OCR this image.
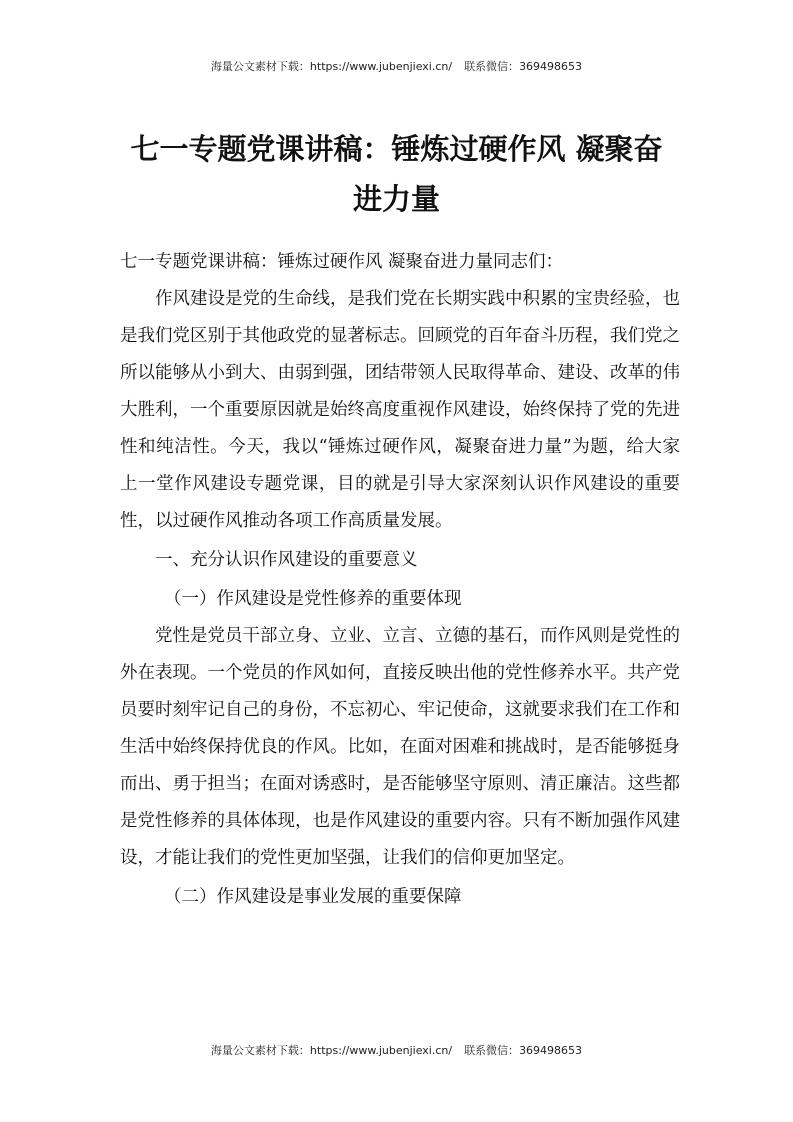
海量公文素材下载：https://www.jubenjiexi.cn/ 联系微信：369498653
七一专题党课讲稿：锤炼过硬作风 凝聚奋
进力量

七一专题党课讲稿：锤炼过硬作风 凝聚奋进力量同志们：

作风建设是党的生命线，是我们党在长期实践中积累的宝贵经验，也是我们党区别于其他政党的显著标志。回顾党的百年奋斗历程，我们党之所以能够从小到大、由弱到强，团结带领人民取得革命、建设、改革的伟大胜利，一个重要原因就是始终高度重视作风建设，始终保持了党的先进性和纯洁性。今天，我以“锤炼过硬作风，凝聚奋进力量”为题，给大家上一堂作风建设专题党课，目的就是引导大家深刻认识作风建设的重要性，以过硬作风推动各项工作高质量发展。

一、充分认识作风建设的重要意义

（一）作风建设是党性修养的重要体现

党性是党员干部立身、立业、立言、立德的基石，而作风则是党性的外在表现。一个党员的作风如何，直接反映出他的党性修养水平。共产党员要时刻牢记自己的身份，不忘初心、牢记使命，这就要求我们在工作和生活中始终保持优良的作风。比如，在面对困难和挑战时，是否能够挺身而出、勇于担当；在面对诱惑时，是否能够坚守原则、清正廉洁。这些都是党性修养的具体体现，也是作风建设的重要内容。只有不断加强作风建设，才能让我们的党性更加坚强，让我们的信仰更加坚定。

（二）作风建设是事业发展的重要保障

海量公文素材下载：https://www.jubenjiexi.cn/ 联系微信：369498653
